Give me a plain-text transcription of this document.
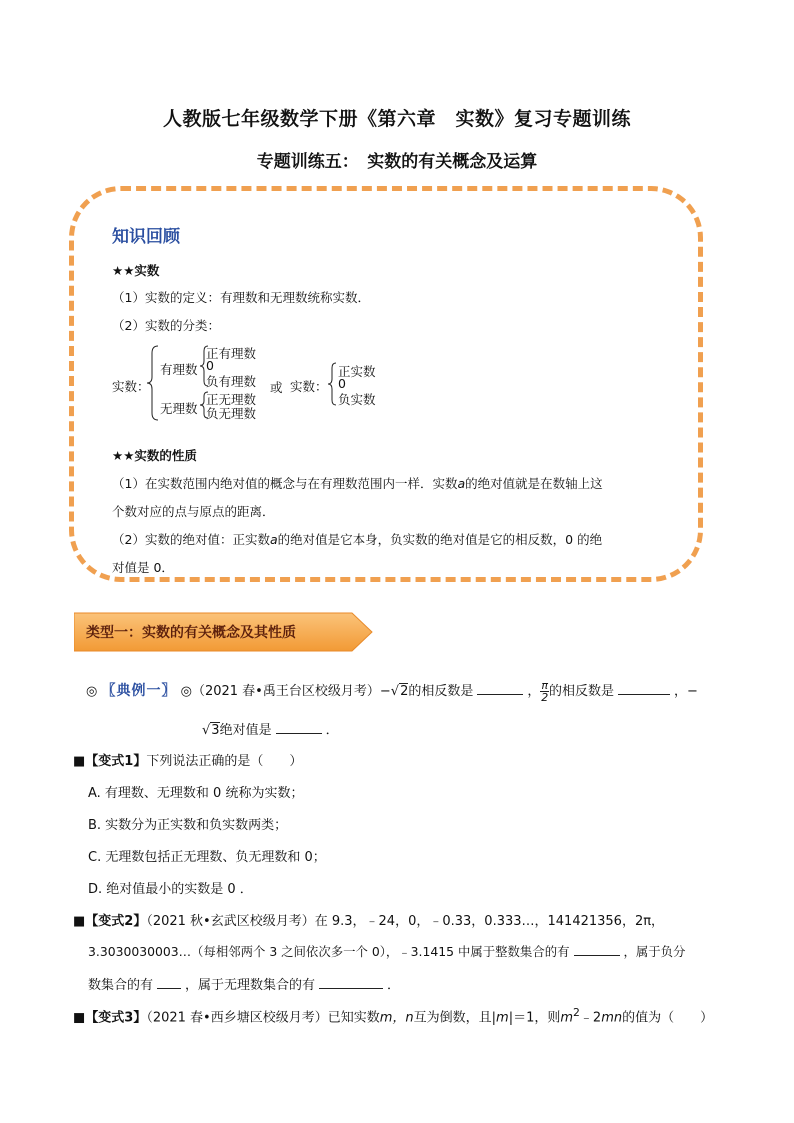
人教版七年级数学下册《第六章　实数》复习专题训练
专题训练五：　实数的有关概念及运算
知识回顾
★★实数
（1）实数的定义：有理数和无理数统称实数．
（2）实数的分类：
实数：
有理数
无理数
正有理数
0
负有理数
正无理数
负无理数
或 实数：
正实数
0
负实数
★★实数的性质
（1）在实数范围内绝对值的概念与在有理数范围内一样．实数a的绝对值就是在数轴上这
个数对应的点与原点的距离．
（2）实数的绝对值：正实数a的绝对值是它本身，负实数的绝对值是它的相反数，0 的绝
对值是 0．
类型一：实数的有关概念及其性质
◎ 〖典例一〗 ◎（2021 春•禹王台区校级月考）−√2的相反数是	， $\frac{\pi}{2}$ 的相反数是	，−
√3绝对值是	．
■【变式1】下列说法正确的是（　　）
A. 有理数、无理数和 0 统称为实数；
B. 实数分为正实数和负实数两类；
C. 无理数包括正无理数、负无理数和 0；
D. 绝对值最小的实数是 0 ．
■【变式2】（2021 秋•玄武区校级月考）在 9.3，﹣24，0，﹣0.33，0.333…，141421356，2π，
3.3030030003…（每相邻两个 3 之间依次多一个 0），﹣3.1415 中属于整数集合的有	，属于负分
数集合的有 ，属于无理数集合的有	．
■【变式3】（2021 春•西乡塘区校级月考）已知实数m，n互为倒数，且|m|＝1，则$m^2﹣2mn$的值为（　　）
